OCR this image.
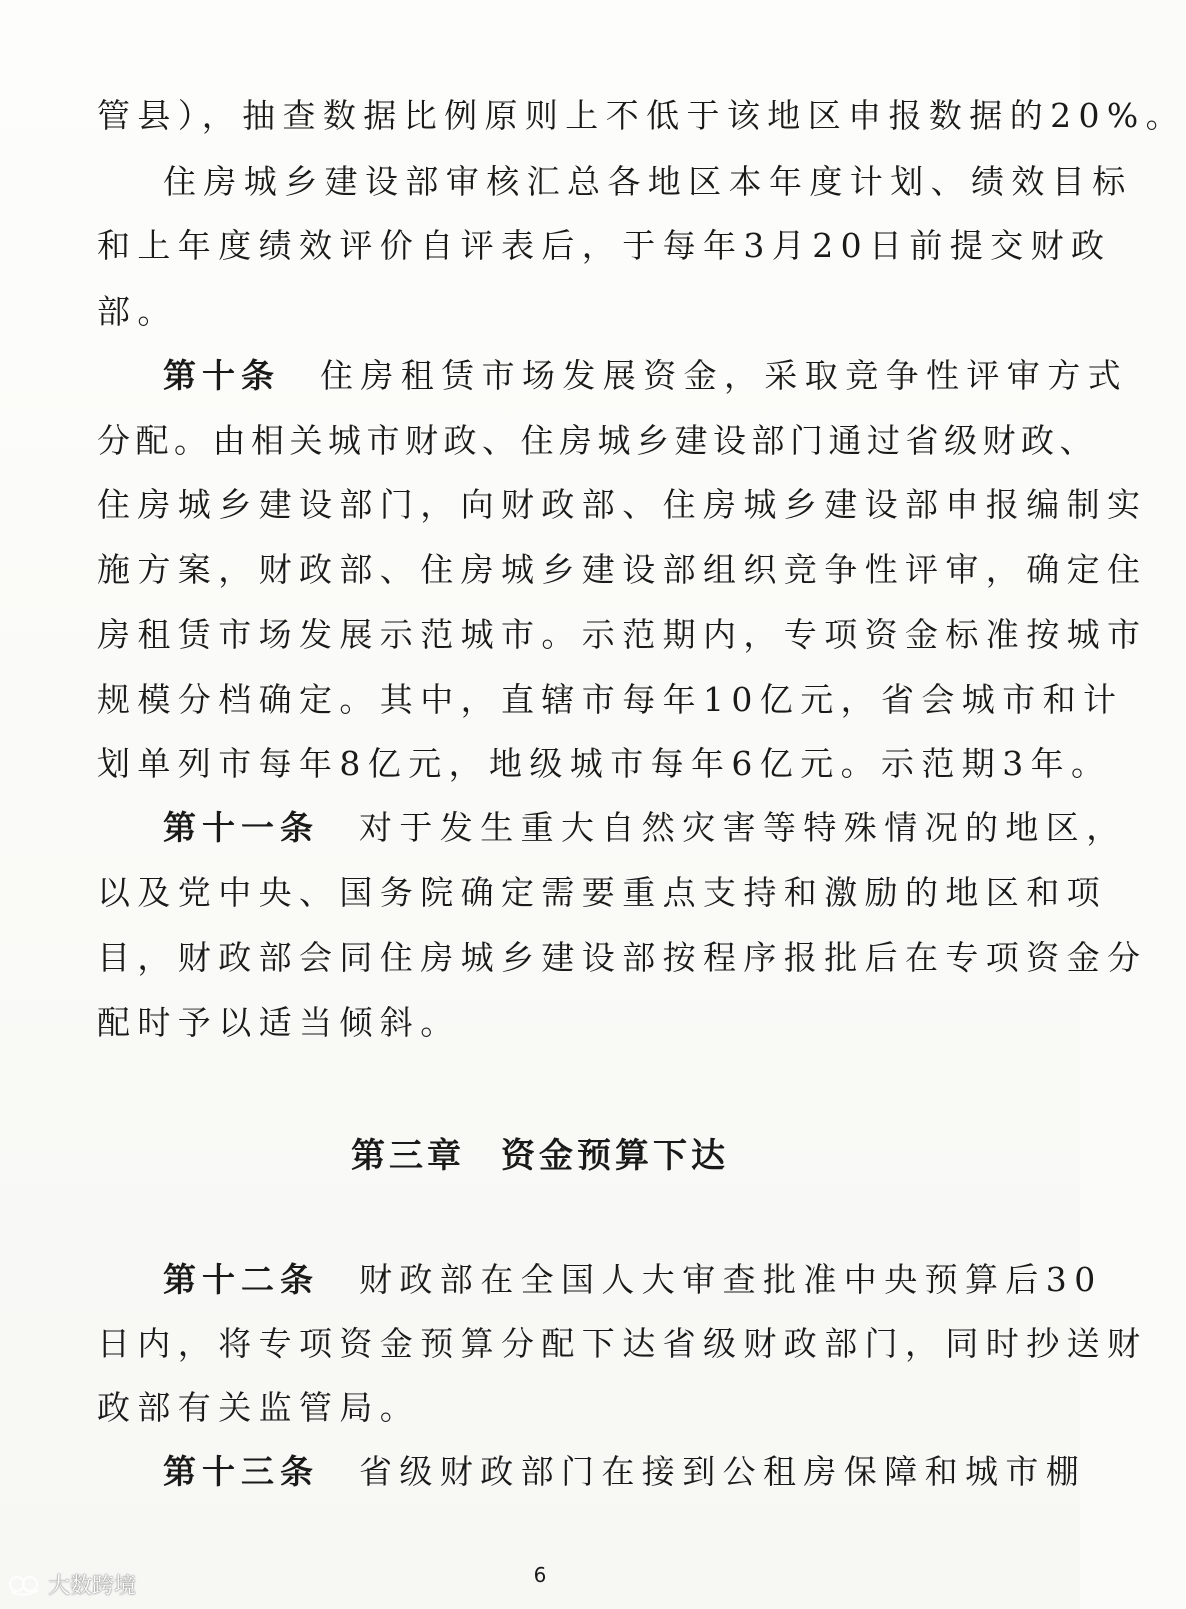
管县），抽查数据比例原则上不低于该地区申报数据的20%。
住房城乡建设部审核汇总各地区本年度计划、绩效目标
和上年度绩效评价自评表后，于每年3月20日前提交财政
部。
第十条 住房租赁市场发展资金，采取竞争性评审方式
分配。由相关城市财政、住房城乡建设部门通过省级财政、
住房城乡建设部门，向财政部、住房城乡建设部申报编制实
施方案，财政部、住房城乡建设部组织竞争性评审，确定住
房租赁市场发展示范城市。示范期内，专项资金标准按城市
规模分档确定。其中，直辖市每年10亿元，省会城市和计
划单列市每年8亿元，地级城市每年6亿元。示范期3年。
第十一条 对于发生重大自然灾害等特殊情况的地区，
以及党中央、国务院确定需要重点支持和激励的地区和项
目，财政部会同住房城乡建设部按程序报批后在专项资金分
配时予以适当倾斜。
第三章 资金预算下达
第十二条 财政部在全国人大审查批准中央预算后30
日内，将专项资金预算分配下达省级财政部门，同时抄送财
政部有关监管局。
第十三条 省级财政部门在接到公租房保障和城市棚
6
大数跨境
